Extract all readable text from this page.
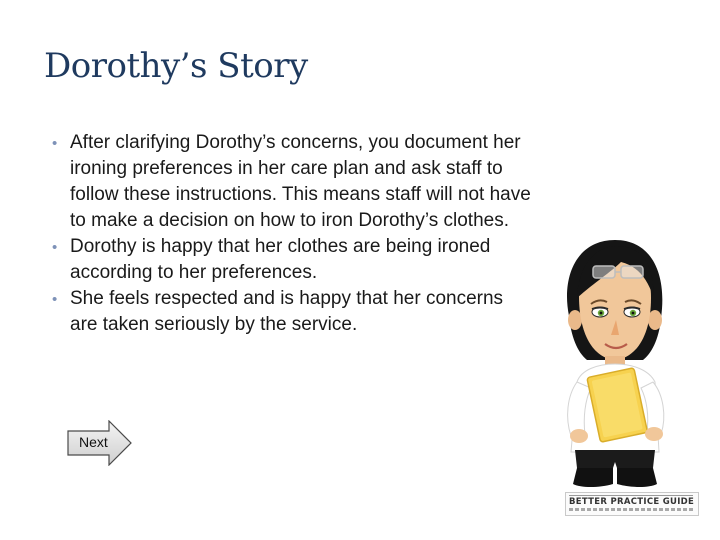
Dorothy’s Story
• After clarifying Dorothy’s concerns, you document her ironing preferences in her care plan and ask staff to follow these instructions. This means staff will not have to make a decision on how to iron Dorothy’s clothes.
• Dorothy is happy that her clothes are being ironed according to her preferences.
• She feels respected and is happy that her concerns are taken seriously by the service.
Next
BETTER PRACTICE GUIDE
